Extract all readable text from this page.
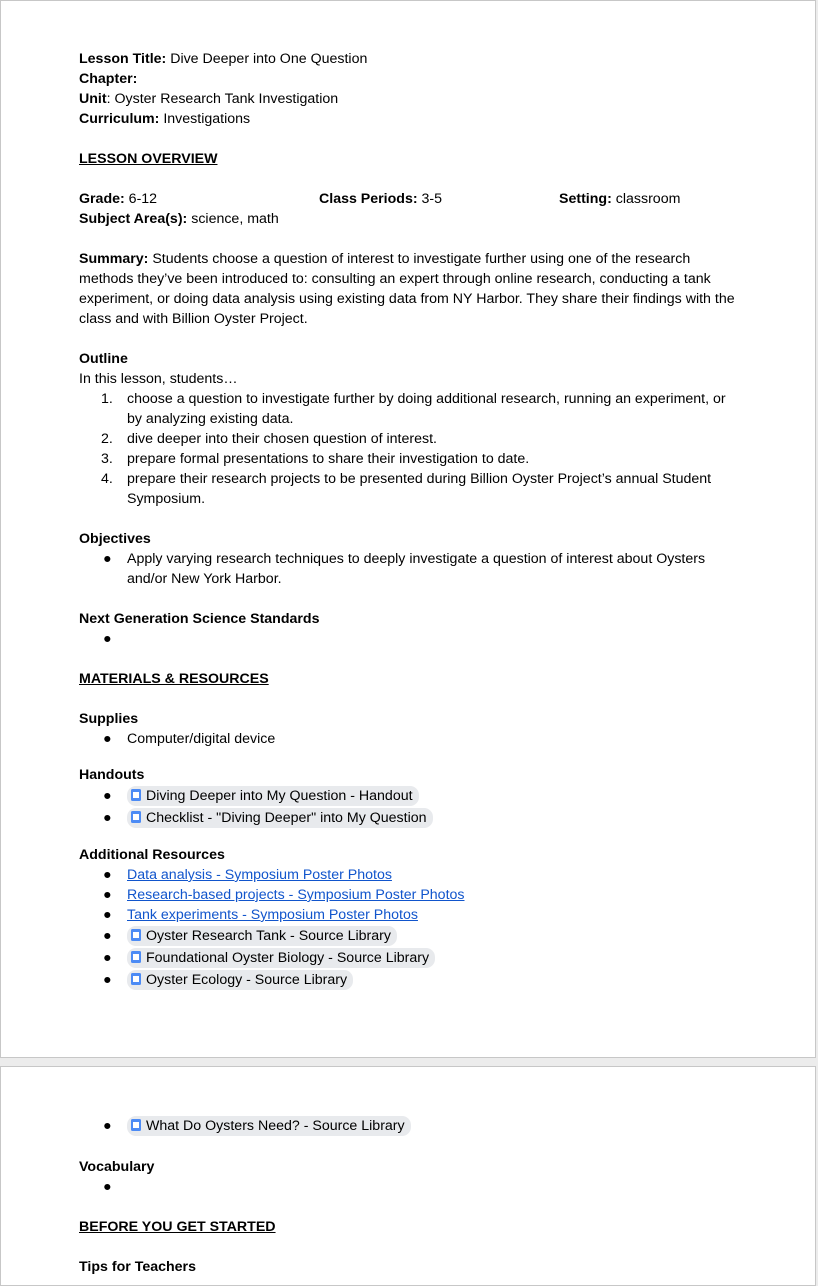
Lesson Title: Dive Deeper into One Question

Chapter:

Unit: Oyster Research Tank Investigation

Curriculum: Investigations

LESSON OVERVIEW

Grade: 6-12	Class Periods: 3-5	Setting: classroom

Subject Area(s): science, math

Summary: Students choose a question of interest to investigate further using one of the research methods they’ve been introduced to: consulting an expert through online research, conducting a tank experiment, or doing data analysis using existing data from NY Harbor. They share their findings with the class and with Billion Oyster Project.

Outline

In this lesson, students…

1. choose a question to investigate further by doing additional research, running an experiment, or by analyzing existing data.
2. dive deeper into their chosen question of interest.
3. prepare formal presentations to share their investigation to date.
4. prepare their research projects to be presented during Billion Oyster Project’s annual Student Symposium.

Objectives

● Apply varying research techniques to deeply investigate a question of interest about Oysters and/or New York Harbor.

Next Generation Science Standards

●

MATERIALS & RESOURCES

Supplies

● Computer/digital device

Handouts

● Diving Deeper into My Question - Handout
● Checklist - "Diving Deeper" into My Question

Additional Resources

● Data analysis - Symposium Poster Photos
● Research-based projects - Symposium Poster Photos
● Tank experiments - Symposium Poster Photos
● Oyster Research Tank - Source Library
● Foundational Oyster Biology - Source Library
● Oyster Ecology - Source Library
● What Do Oysters Need? - Source Library

Vocabulary

●

BEFORE YOU GET STARTED

Tips for Teachers
